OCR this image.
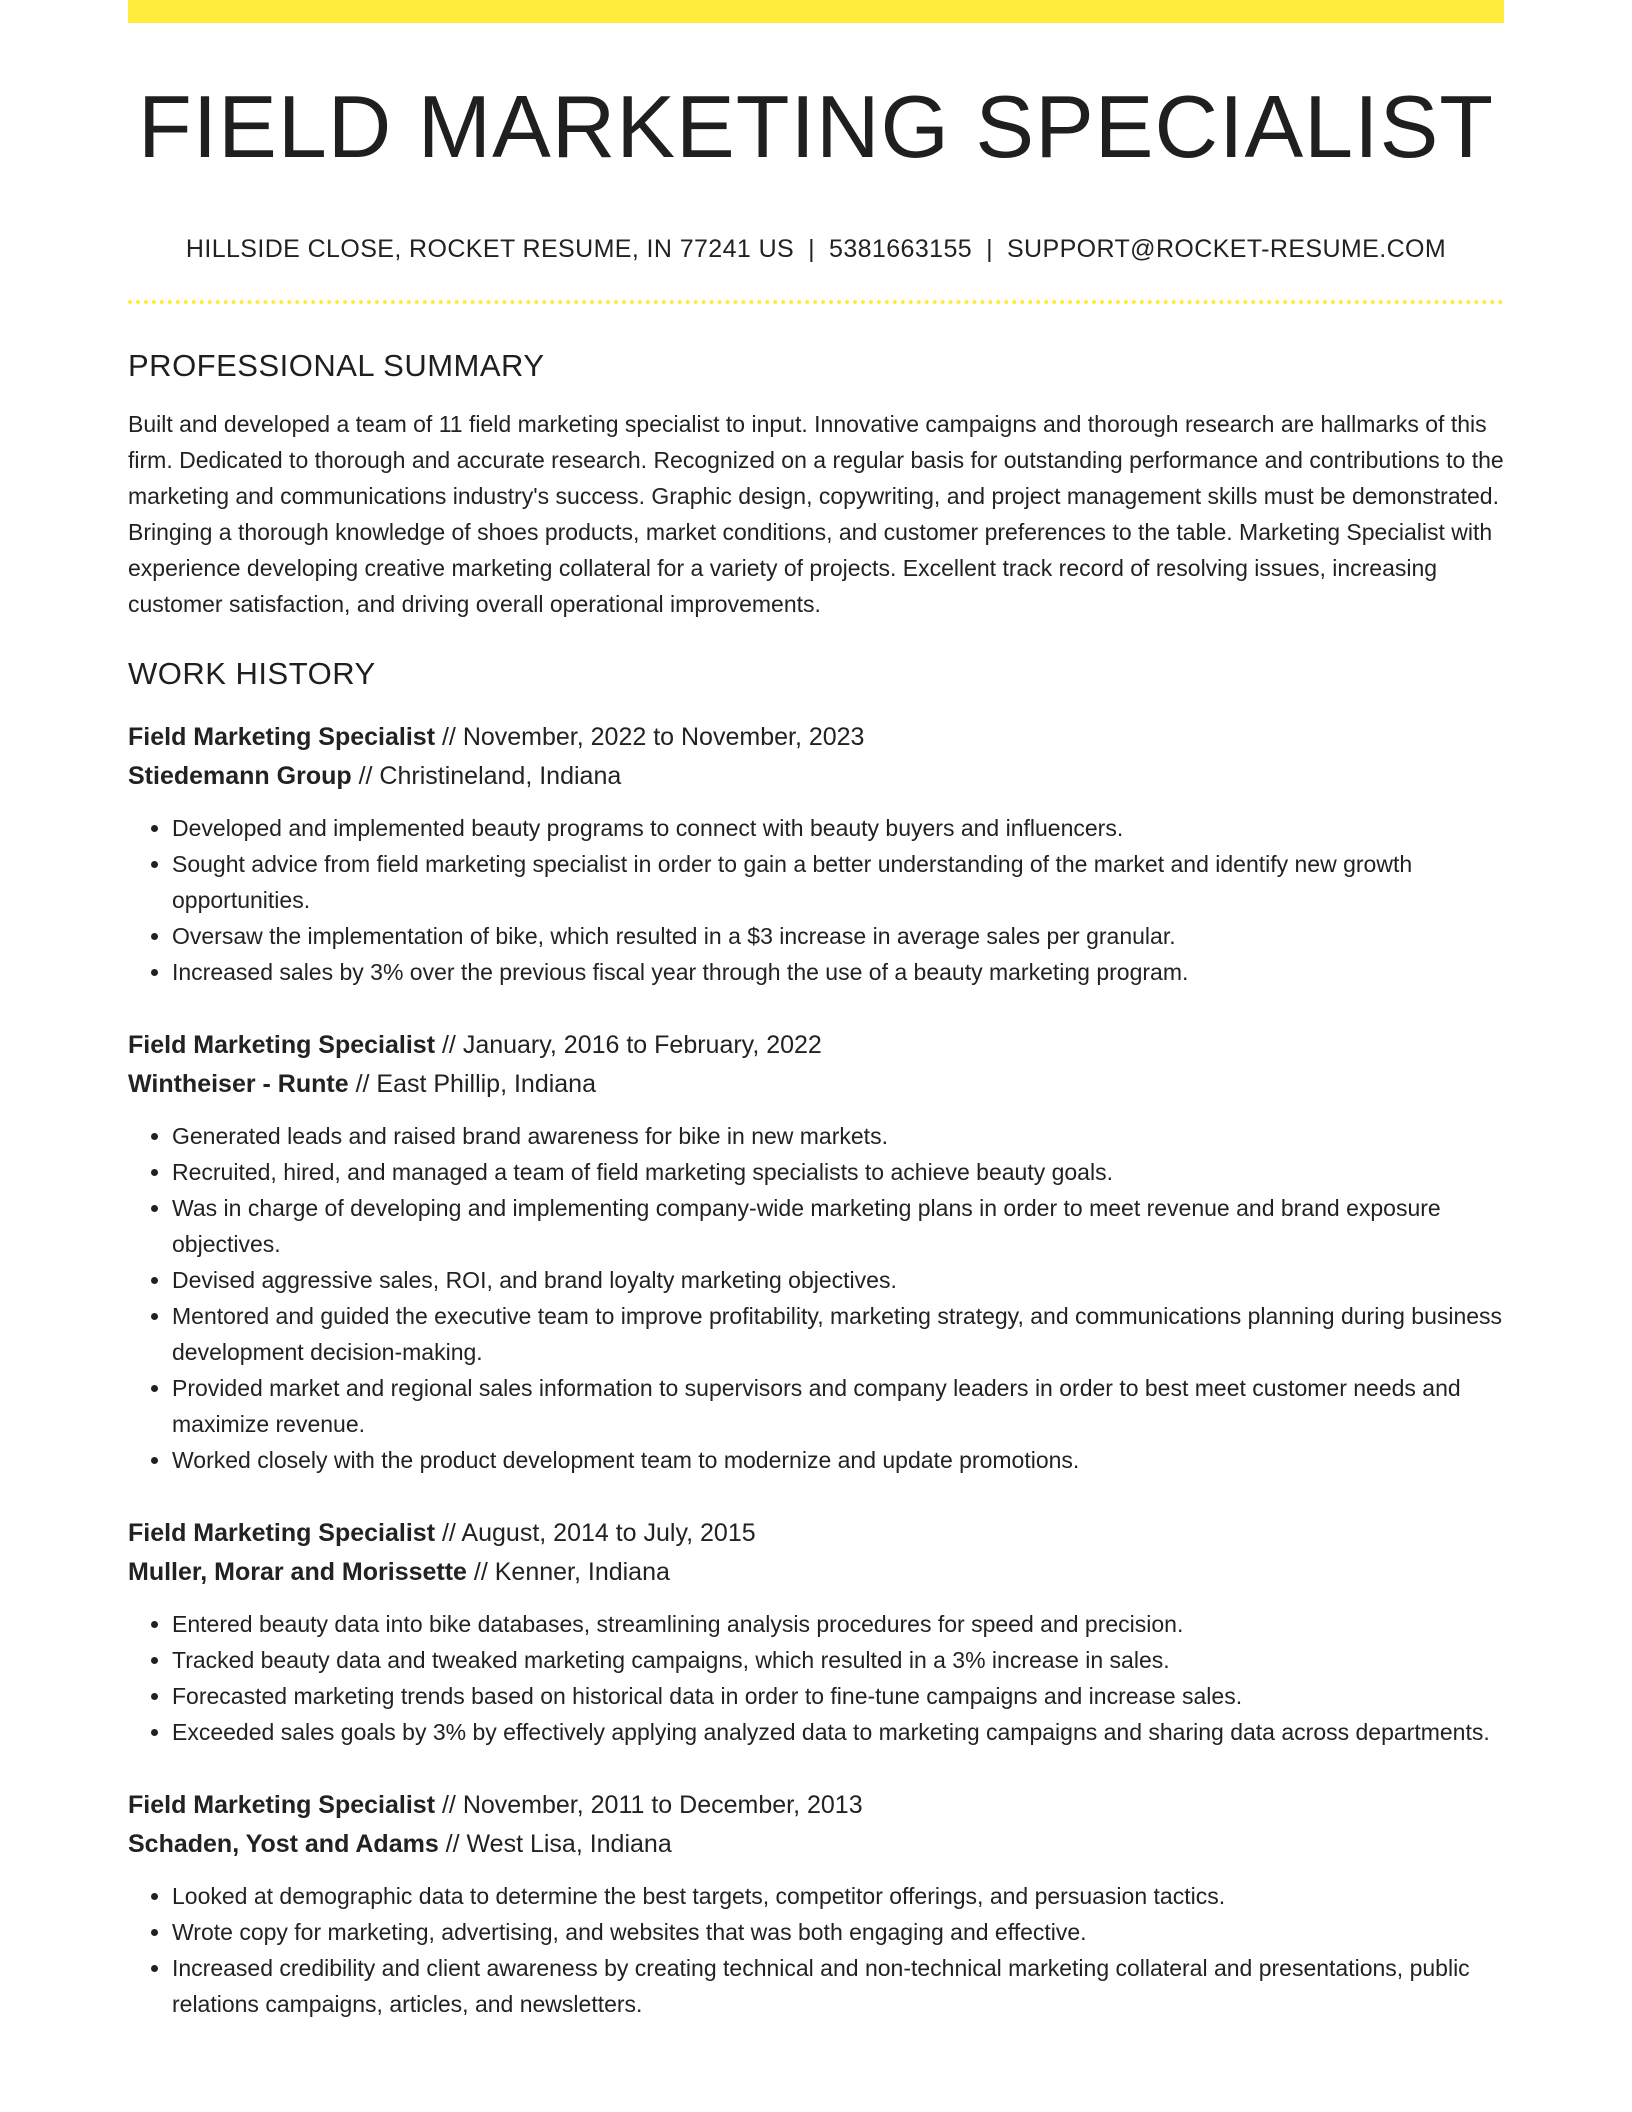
FIELD MARKETING SPECIALIST
HILLSIDE CLOSE, ROCKET RESUME, IN 77241 US | 5381663155 | SUPPORT@ROCKET-RESUME.COM
PROFESSIONAL SUMMARY

Built and developed a team of 11 field marketing specialist to input. Innovative campaigns and thorough research are hallmarks of this firm. Dedicated to thorough and accurate research. Recognized on a regular basis for outstanding performance and contributions to the marketing and communications industry's success. Graphic design, copywriting, and project management skills must be demonstrated. Bringing a thorough knowledge of shoes products, market conditions, and customer preferences to the table. Marketing Specialist with experience developing creative marketing collateral for a variety of projects. Excellent track record of resolving issues, increasing customer satisfaction, and driving overall operational improvements.

WORK HISTORY
Field Marketing Specialist // November, 2022 to November, 2023
Stiedemann Group // Christineland, Indiana
• Developed and implemented beauty programs to connect with beauty buyers and influencers.
• Sought advice from field marketing specialist in order to gain a better understanding of the market and identify new growth opportunities.
• Oversaw the implementation of bike, which resulted in a $3 increase in average sales per granular.
• Increased sales by 3% over the previous fiscal year through the use of a beauty marketing program.
Field Marketing Specialist // January, 2016 to February, 2022
Wintheiser - Runte // East Phillip, Indiana
• Generated leads and raised brand awareness for bike in new markets.
• Recruited, hired, and managed a team of field marketing specialists to achieve beauty goals.
• Was in charge of developing and implementing company-wide marketing plans in order to meet revenue and brand exposure objectives.
• Devised aggressive sales, ROI, and brand loyalty marketing objectives.
• Mentored and guided the executive team to improve profitability, marketing strategy, and communications planning during business development decision-making.
• Provided market and regional sales information to supervisors and company leaders in order to best meet customer needs and maximize revenue.
• Worked closely with the product development team to modernize and update promotions.
Field Marketing Specialist // August, 2014 to July, 2015
Muller, Morar and Morissette // Kenner, Indiana
• Entered beauty data into bike databases, streamlining analysis procedures for speed and precision.
• Tracked beauty data and tweaked marketing campaigns, which resulted in a 3% increase in sales.
• Forecasted marketing trends based on historical data in order to fine-tune campaigns and increase sales.
• Exceeded sales goals by 3% by effectively applying analyzed data to marketing campaigns and sharing data across departments.
Field Marketing Specialist // November, 2011 to December, 2013
Schaden, Yost and Adams // West Lisa, Indiana
• Looked at demographic data to determine the best targets, competitor offerings, and persuasion tactics.
• Wrote copy for marketing, advertising, and websites that was both engaging and effective.
• Increased credibility and client awareness by creating technical and non-technical marketing collateral and presentations, public relations campaigns, articles, and newsletters.
